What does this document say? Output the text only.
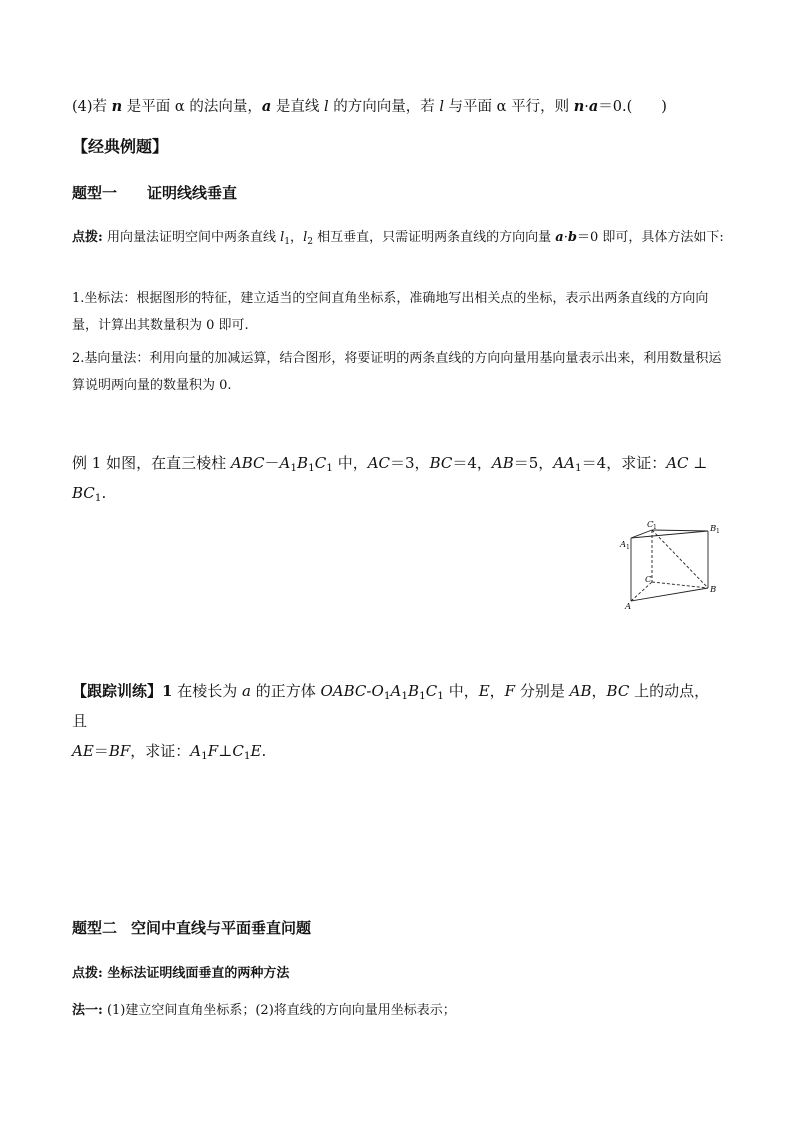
(4)若 n 是平面 α 的法向量，a 是直线 l 的方向向量，若 l 与平面 α 平行，则 n·a＝0.(　　)

【经典例题】

题型一 证明线线垂直

点拨: 用向量法证明空间中两条直线 $l_1$，$l_2$ 相互垂直，只需证明两条直线的方向向量 a·b＝0 即可，具体方法如下:

1.坐标法：根据图形的特征，建立适当的空间直角坐标系，准确地写出相关点的坐标，表示出两条直线的方向向量，计算出其数量积为 0 即可.

2.基向量法：利用向量的加减运算，结合图形，将要证明的两条直线的方向向量用基向量表示出来，利用数量积运算说明两向量的数量积为 0.

例 1 如图，在直三棱柱 $ABC-A_1B_1C_1$ 中，AC＝3，BC＝4，AB＝5，$AA_1=4$，求证：AC ⊥
$BC_1$.

C 1	B 1
A 1
C
B
A

【跟踪训练】1 在棱长为 a 的正方体 OABC-$O_1A_1B_1C_1$ 中，E，F 分别是 AB，BC 上的动点，且
AE＝BF，求证：$A_1F\perp C_1E$.

题型二 空间中直线与平面垂直问题

点拨: 坐标法证明线面垂直的两种方法

法一: (1)建立空间直角坐标系；(2)将直线的方向向量用坐标表示；
